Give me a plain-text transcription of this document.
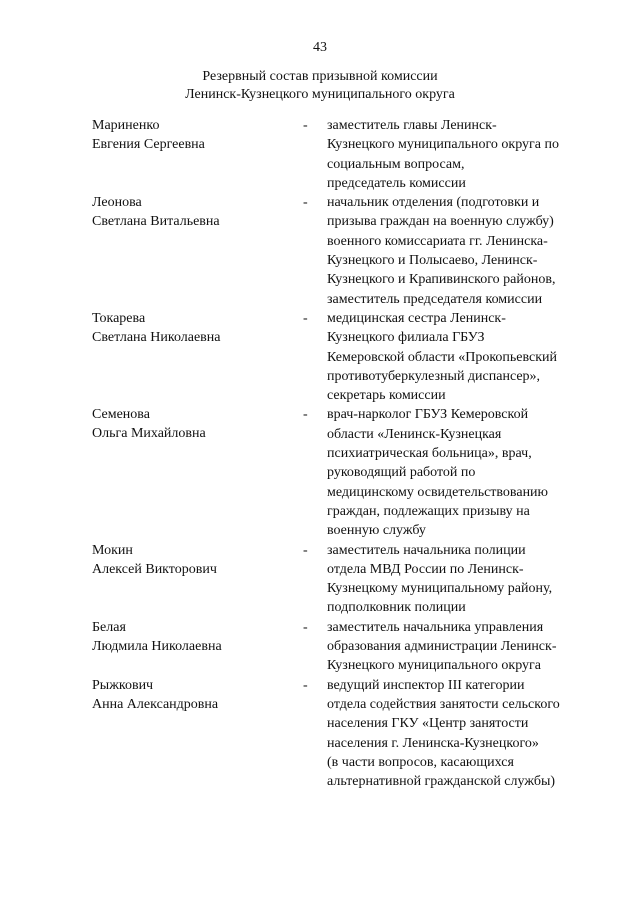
43
Резервный состав призывной комиссии
Ленинск-Кузнецкого муниципального округа
Мариненко
Евгения Сергеевна
- заместитель главы Ленинск-
Кузнецкого муниципального округа по
социальным вопросам,
председатель комиссии
Леонова
Светлана Витальевна
- начальник отделения (подготовки и
призыва граждан на военную службу)
военного комиссариата гг. Ленинска-
Кузнецкого и Полысаево, Ленинск-
Кузнецкого и Крапивинского районов,
заместитель председателя комиссии
Токарева
Светлана Николаевна
- медицинская сестра Ленинск-
Кузнецкого филиала ГБУЗ
Кемеровской области «Прокопьевский
противотуберкулезный диспансер»,
секретарь комиссии
Семенова
Ольга Михайловна
- врач-нарколог ГБУЗ Кемеровской
области «Ленинск-Кузнецкая
психиатрическая больница», врач,
руководящий работой по
медицинскому освидетельствованию
граждан, подлежащих призыву на
военную службу
Мокин
Алексей Викторович
- заместитель начальника полиции
отдела МВД России по Ленинск-
Кузнецкому муниципальному району,
подполковник полиции
Белая
Людмила Николаевна
- заместитель начальника управления
образования администрации Ленинск-
Кузнецкого муниципального округа
Рыжкович
Анна Александровна
- ведущий инспектор III категории
отдела содействия занятости сельского
населения ГКУ «Центр занятости
населения г. Ленинска-Кузнецкого»
(в части вопросов, касающихся
альтернативной гражданской службы)
